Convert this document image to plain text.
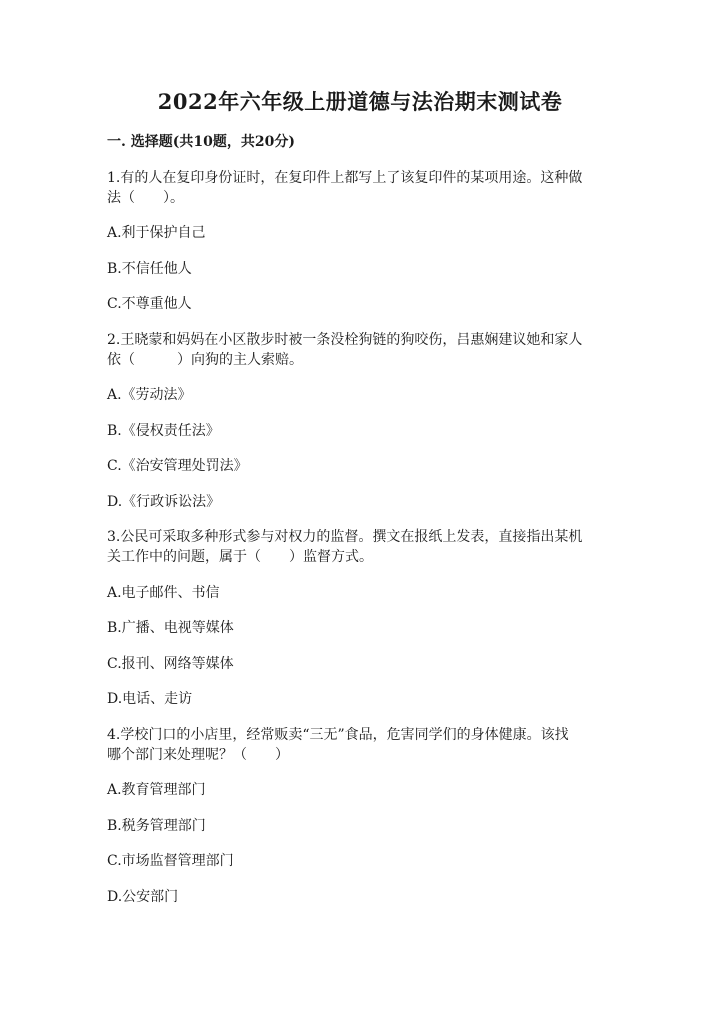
2022年六年级上册道德与法治期末测试卷

一. 选择题(共10题，共20分)

1.有的人在复印身份证时，在复印件上都写上了该复印件的某项用途。这种做

法（　　）。

A.利于保护自己

B.不信任他人

C.不尊重他人

2.王晓蒙和妈妈在小区散步时被一条没栓狗链的狗咬伤，吕惠娴建议她和家人

依（　　　）向狗的主人索赔。

A.《劳动法》

B.《侵权责任法》

C.《治安管理处罚法》

D.《行政诉讼法》

3.公民可采取多种形式参与对权力的监督。撰文在报纸上发表，直接指出某机

关工作中的问题，属于（　　）监督方式。

A.电子邮件、书信

B.广播、电视等媒体

C.报刊、网络等媒体

D.电话、走访

4.学校门口的小店里，经常贩卖“三无”食品，危害同学们的身体健康。该找

哪个部门来处理呢？（　　）

A.教育管理部门

B.税务管理部门

C.市场监督管理部门

D.公安部门
